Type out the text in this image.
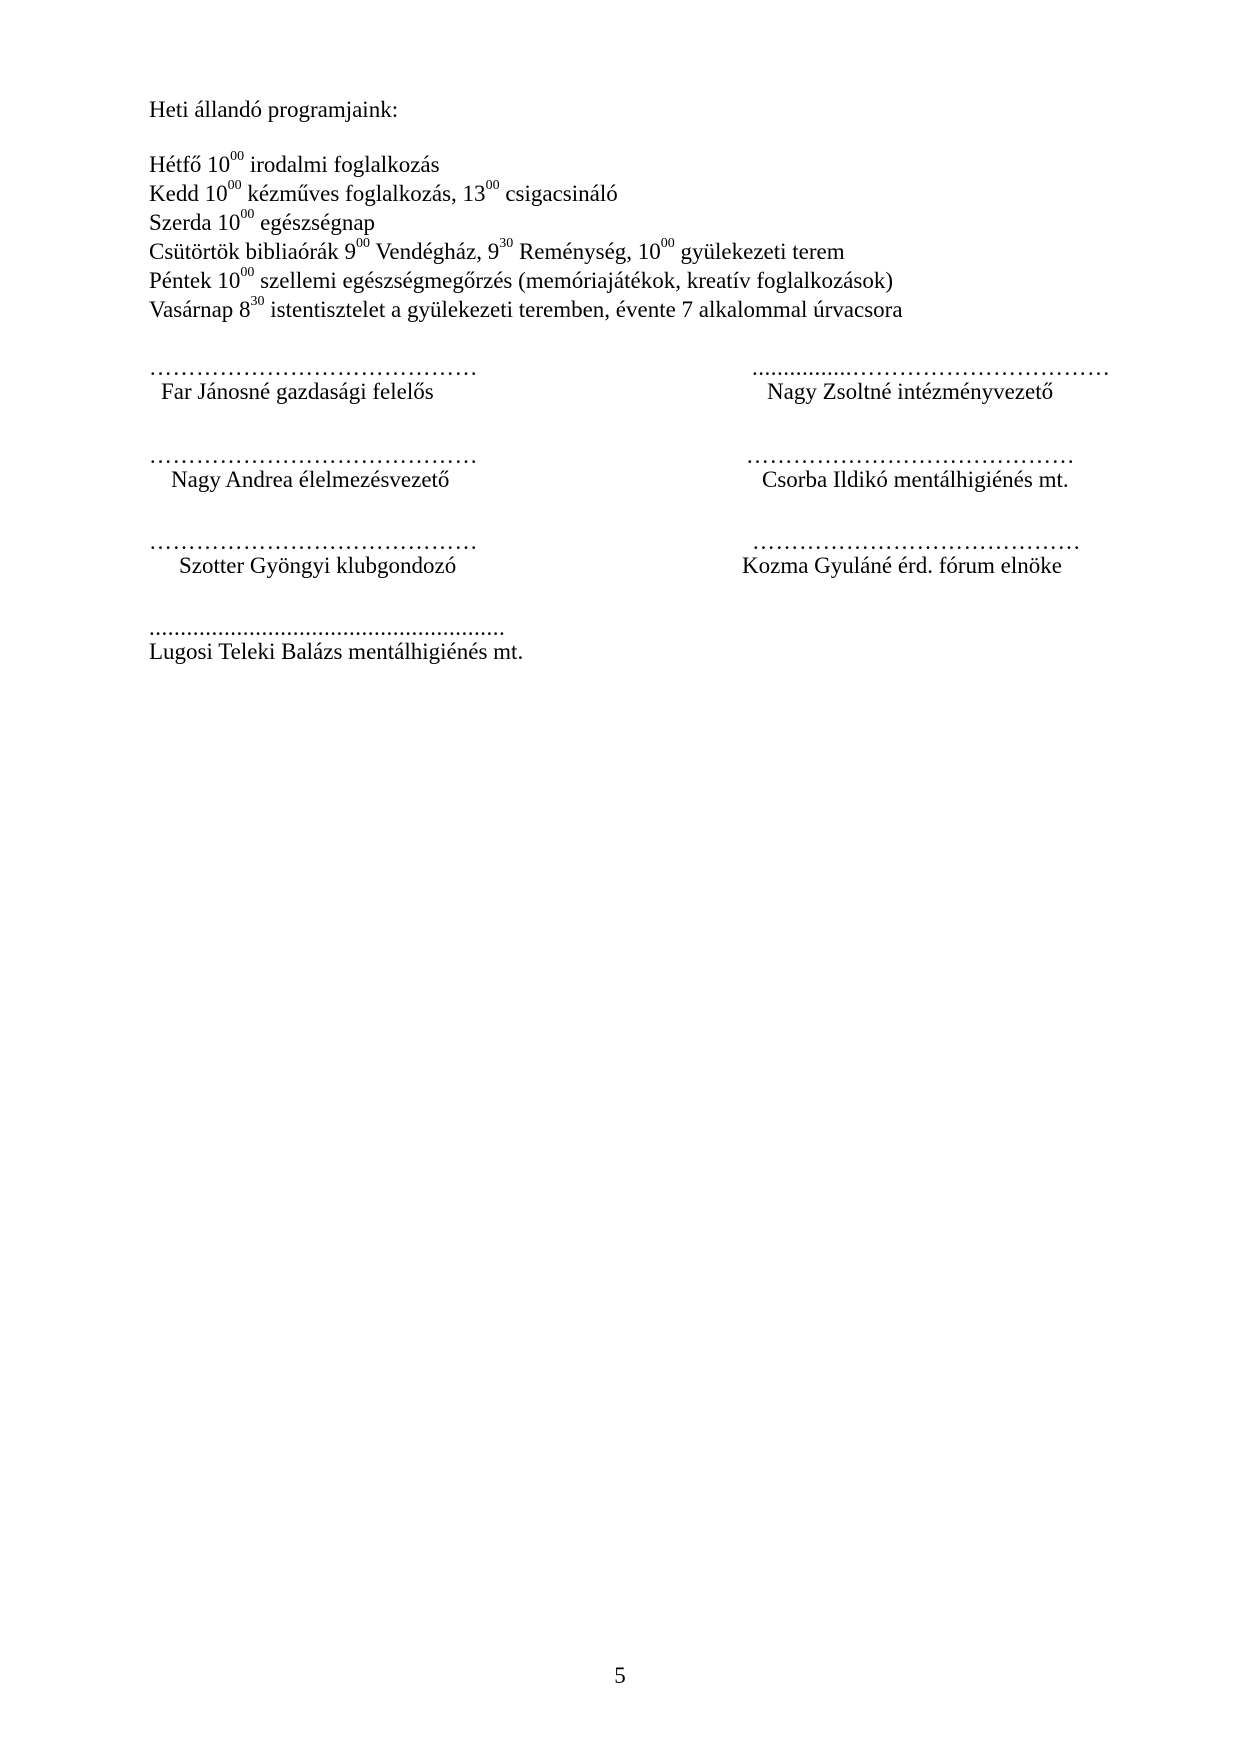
Heti állandó programjaink:
Hétfő $10^{00}$ irodalmi foglalkozás
Kedd $10^{00}$ kézműves foglalkozás, $13^{00}$ csigacsináló
Szerda $10^{00}$ egészségnap
Csütörtök bibliaórák $9^{00}$ Vendégház, $9^{30}$ Reménység, $10^{00}$ gyülekezeti terem
Péntek $10^{00}$ szellemi egészségmegőrzés (memóriajátékok, kreatív foglalkozások)
Vasárnap $8^{30}$ istentisztelet a gyülekezeti teremben, évente 7 alkalommal úrvacsora
……………………………………
Far Jánosné gazdasági felelős
................……………………………
Nagy Zsoltné intézményvezető
……………………………………
Nagy Andrea élelmezésvezető
……………………………………
Csorba Ildikó mentálhigiénés mt.
……………………………………
Szotter Gyöngyi klubgondozó
……………………………………
Kozma Gyuláné érd. fórum elnöke
.........................................................
Lugosi Teleki Balázs mentálhigiénés mt.
5
